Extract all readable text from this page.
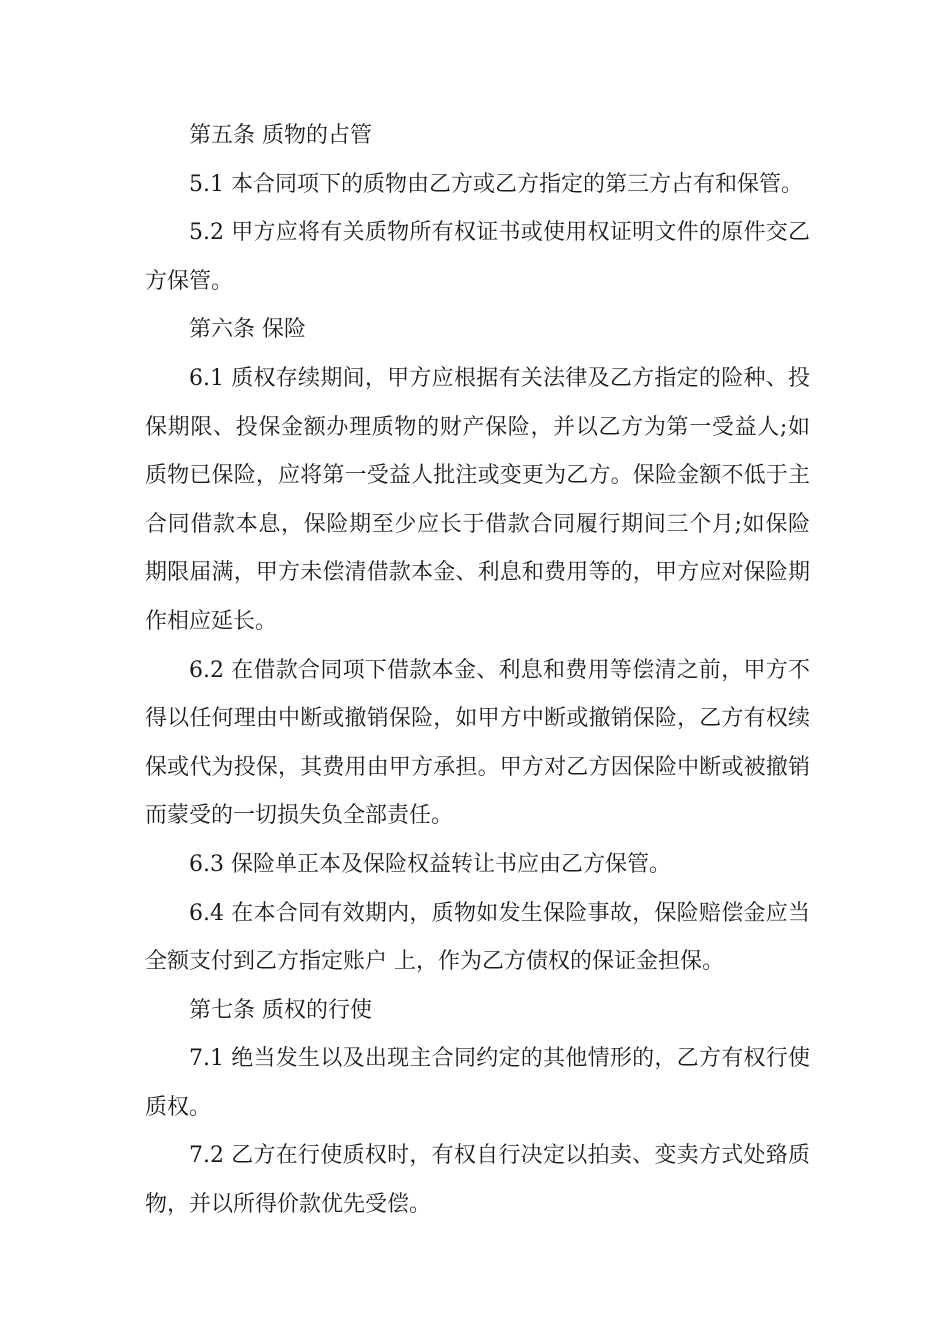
第五条 质物的占管

5.1 本合同项下的质物由乙方或乙方指定的第三方占有和保管。

5.2 甲方应将有关质物所有权证书或使用权证明文件的原件交乙方保管。

第六条 保险

6.1 质权存续期间，甲方应根据有关法律及乙方指定的险种、投保期限、投保金额办理质物的财产保险，并以乙方为第一受益人;如质物已保险，应将第一受益人批注或变更为乙方。保险金额不低于主合同借款本息，保险期至少应长于借款合同履行期间三个月;如保险期限届满，甲方未偿清借款本金、利息和费用等的，甲方应对保险期作相应延长。

6.2 在借款合同项下借款本金、利息和费用等偿清之前，甲方不得以任何理由中断或撤销保险，如甲方中断或撤销保险，乙方有权续保或代为投保，其费用由甲方承担。甲方对乙方因保险中断或被撤销而蒙受的一切损失负全部责任。

6.3 保险单正本及保险权益转让书应由乙方保管。

6.4 在本合同有效期内，质物如发生保险事故，保险赔偿金应当全额支付到乙方指定账户 上，作为乙方债权的保证金担保。

第七条 质权的行使

7.1 绝当发生以及出现主合同约定的其他情形的，乙方有权行使质权。

7.2 乙方在行使质权时，有权自行决定以拍卖、变卖方式处臵质物，并以所得价款优先受偿。
